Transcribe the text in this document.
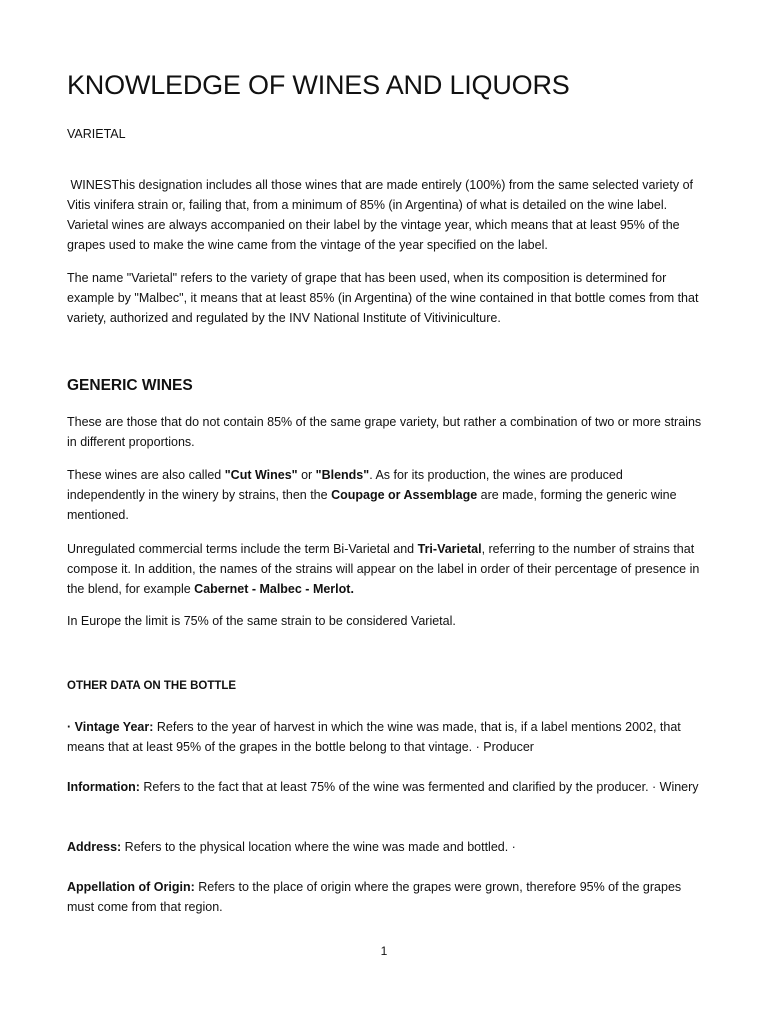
KNOWLEDGE OF WINES AND LIQUORS
VARIETAL

WINESThis designation includes all those wines that are made entirely (100%) from the same selected variety of Vitis vinifera strain or, failing that, from a minimum of 85% (in Argentina) of what is detailed on the wine label. Varietal wines are always accompanied on their label by the vintage year, which means that at least 95% of the grapes used to make the wine came from the vintage of the year specified on the label.

The name "Varietal" refers to the variety of grape that has been used, when its composition is determined for example by "Malbec", it means that at least 85% (in Argentina) of the wine contained in that bottle comes from that variety, authorized and regulated by the INV National Institute of Vitiviniculture.

GENERIC WINES

These are those that do not contain 85% of the same grape variety, but rather a combination of two or more strains in different proportions.

These wines are also called "Cut Wines" or "Blends". As for its production, the wines are produced independently in the winery by strains, then the Coupage or Assemblage are made, forming the generic wine mentioned.

Unregulated commercial terms include the term Bi-Varietal and Tri-Varietal, referring to the number of strains that compose it. In addition, the names of the strains will appear on the label in order of their percentage of presence in the blend, for example Cabernet - Malbec - Merlot.

In Europe the limit is 75% of the same strain to be considered Varietal.

OTHER DATA ON THE BOTTLE

· Vintage Year: Refers to the year of harvest in which the wine was made, that is, if a label mentions 2002, that means that at least 95% of the grapes in the bottle belong to that vintage. · Producer

Information: Refers to the fact that at least 75% of the wine was fermented and clarified by the producer. · Winery

Address: Refers to the physical location where the wine was made and bottled. ·

Appellation of Origin: Refers to the place of origin where the grapes were grown, therefore 95% of the grapes must come from that region.

1
